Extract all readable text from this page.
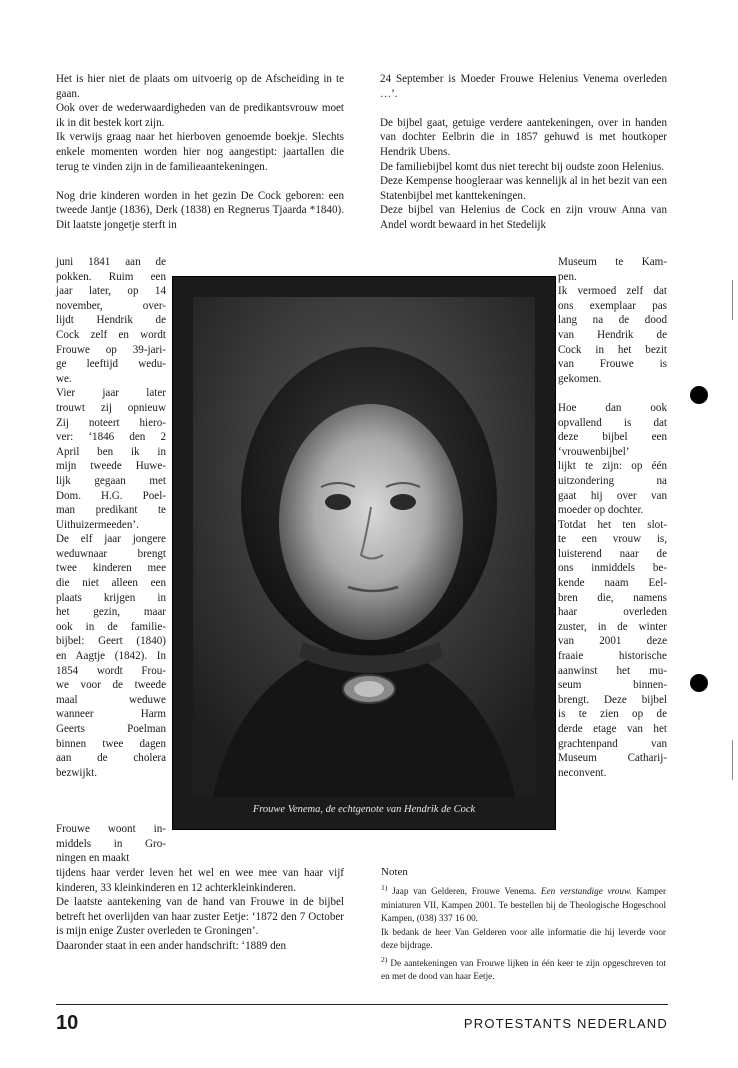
Het is hier niet de plaats om uitvoerig op de Afscheiding in te gaan.

Ook over de wederwaardigheden van de predikantsvrouw moet ik in dit bestek kort zijn.

Ik verwijs graag naar het hierboven genoemde boekje. Slechts enkele momenten worden hier nog aangestipt: jaartallen die terug te vinden zijn in de familieaantekeningen.

Nog drie kinderen worden in het gezin De Cock geboren: een tweede Jantje (1836), Derk (1838) en Regnerus Tjaarda *1840). Dit laatste jongetje sterft in

juni 1841 aan de

pokken. Ruim een

jaar later, op 14

november, over-

lijdt Hendrik de

Cock zelf en wordt

Frouwe op 39-jari-

ge leeftijd wedu-

we.

Vier jaar later

trouwt zij opnieuw

Zij noteert hiero-

ver: ‘1846 den 2

April ben ik in

mijn tweede Huwe-

lijk gegaan met

Dom. H.G. Poel-

man predikant te

Uithuizermeeden’.

De elf jaar jongere

weduwnaar brengt

twee kinderen mee

die niet alleen een

plaats krijgen in

het gezin, maar

ook in de familie-

bijbel: Geert (1840)

en Aagtje (1842). In

1854 wordt Frou-

we voor de tweede

maal weduwe

wanneer Harm

Geerts Poelman

binnen twee dagen

aan de cholera

bezwijkt.

Frouwe woont in-

middels in Gro-

ningen en maakt

tijdens haar verder leven het wel en wee mee van haar vijf kinderen, 33 kleinkinderen en 12 achterkleinkinderen.

De laatste aantekening van de hand van Frouwe in de bijbel betreft het overlijden van haar zuster Eetje: ‘1872 den 7 October is mijn enige Zuster overleden te Groningen’.

Daaronder staat in een ander handschrift: ‘1889 den

24 September is Moeder Frouwe Helenius Venema overleden …’.

De bijbel gaat, getuige verdere aantekeningen, over in handen van dochter Eelbrin die in 1857 gehuwd is met houtkoper Hendrik Ubens.

De familiebijbel komt dus niet terecht bij oudste zoon Helenius.

Deze Kempense hoogleraar was kennelijk al in het bezit van een Statenbijbel met kanttekeningen.

Deze bijbel van Helenius de Cock en zijn vrouw Anna van Andel wordt bewaard in het Stedelijk

Museum te Kam-

pen.

Ik vermoed zelf dat

ons exemplaar pas

lang na de dood

van Hendrik de

Cock in het bezit

van Frouwe is

gekomen.

Hoe dan ook

opvallend is dat

deze bijbel een

‘vrouwenbijbel’

lijkt te zijn: op één

uitzondering na

gaat hij over van

moeder op dochter.

Totdat het ten slot-

te een vrouw is,

luisterend naar de

ons inmiddels be-

kende naam Eel-

bren die, namens

haar overleden

zuster, in de winter

van 2001 deze

fraaie historische

aanwinst het mu-

seum binnen-

brengt. Deze bijbel

is te zien op de

derde etage van het

grachtenpand van

Museum Catharij-

neconvent.

Frouwe Venema, de echtgenote van Hendrik de Cock

Noten

$^{1)}$ Jaap van Gelderen, Frouwe Venema. Een verstandige vrouw. Kamper miniaturen VII, Kampen 2001. Te bestellen bij de Theologische Hogeschool Kampen, (038) 337 16 00.

Ik bedank de heer Van Gelderen voor alle informatie die hij leverde voor deze bijdrage.

$^{2)}$ De aantekeningen van Frouwe lijken in één keer te zijn opgeschreven tot en met de dood van haar Eetje.

10	PROTESTANTS NEDERLAND
